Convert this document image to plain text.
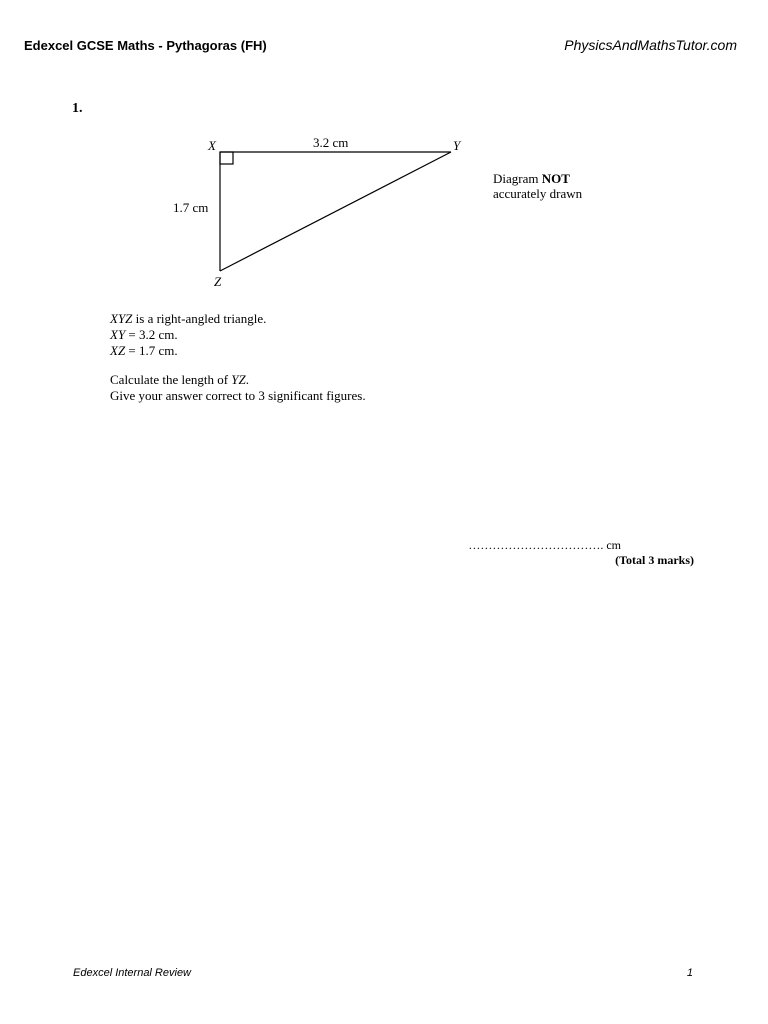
Edexcel GCSE Maths - Pythagoras (FH)	PhysicsAndMathsTutor.com
1.
X	Y
Z
3.2 cm
1.7 cm
Diagram NOT
accurately drawn
XYZ is a right-angled triangle.
XY = 3.2 cm.
XZ = 1.7 cm.
Calculate the length of YZ.
Give your answer correct to 3 significant figures.
……………………………. cm
(Total 3 marks)
Edexcel Internal Review	1
